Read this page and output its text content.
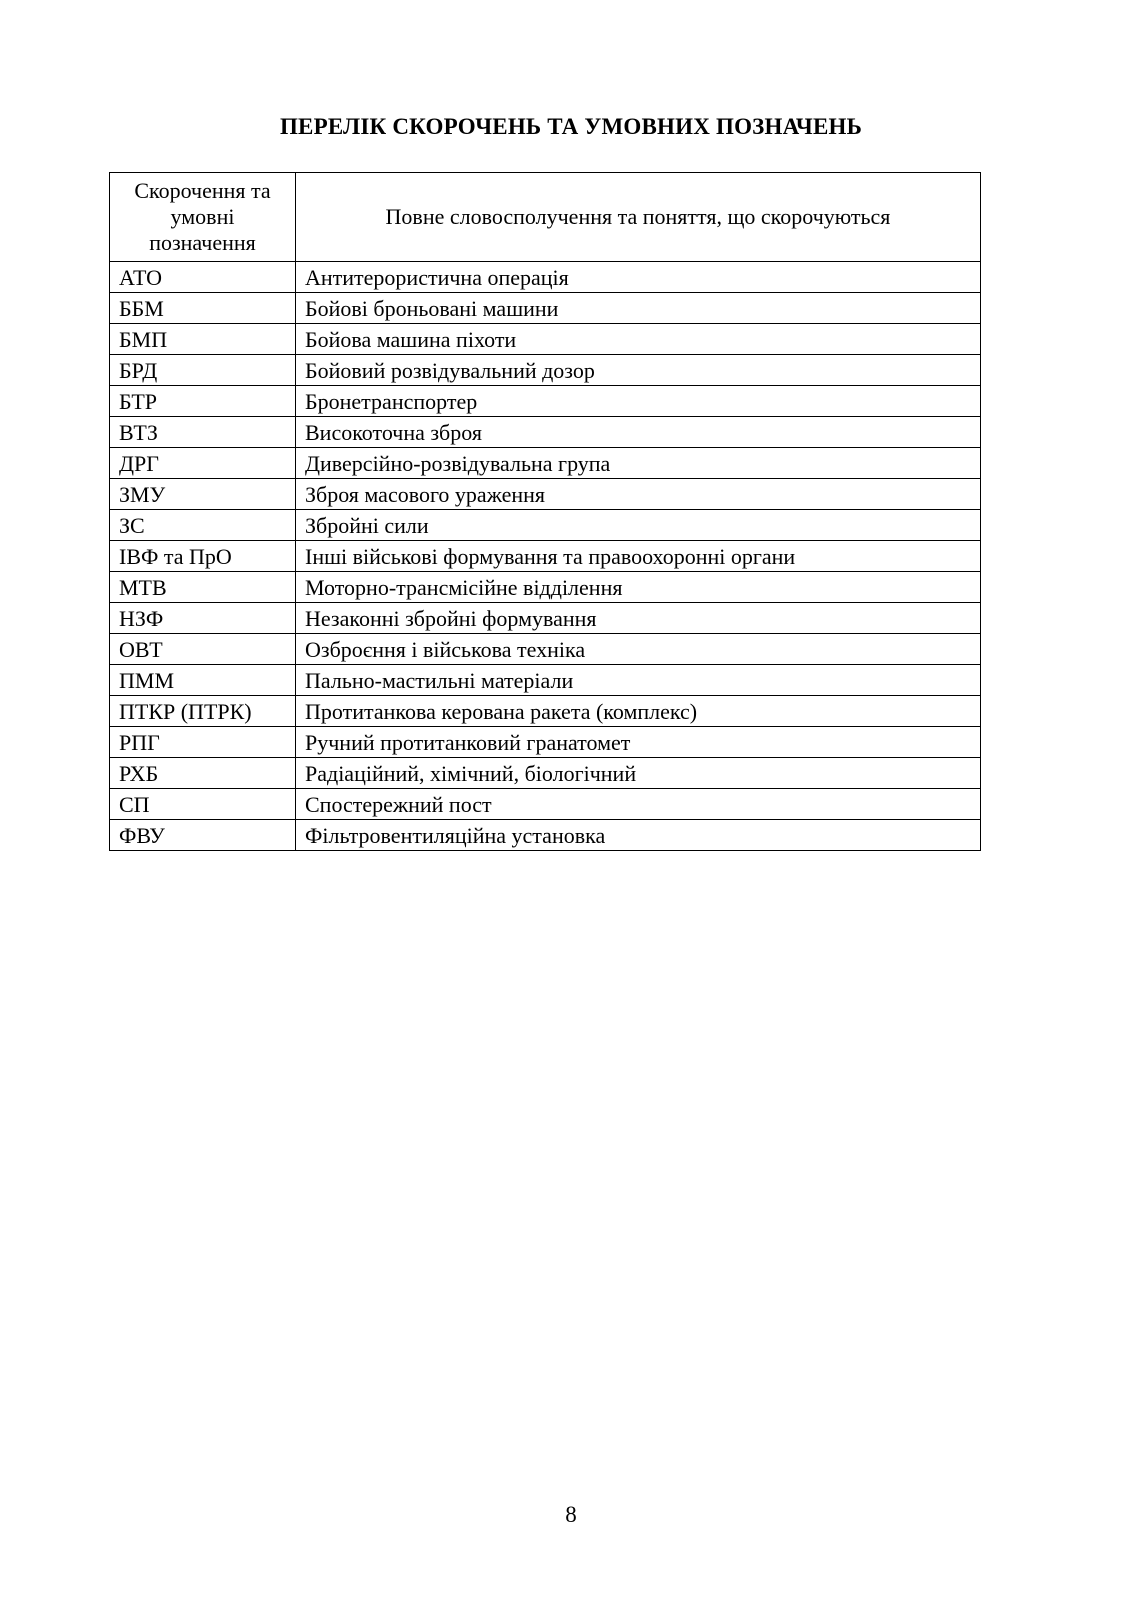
ПЕРЕЛІК СКОРОЧЕНЬ ТА УМОВНИХ ПОЗНАЧЕНЬ
Скорочення та умовні позначення	Повне словосполучення та поняття, що скорочуються
АТО	Антитерористична операція
ББМ	Бойові броньовані машини
БМП	Бойова машина піхоти
БРД	Бойовий розвідувальний дозор
БТР	Бронетранспортер
ВТЗ	Високоточна зброя
ДРГ	Диверсійно-розвідувальна група
ЗМУ	Зброя масового ураження
ЗС	Збройні сили
ІВФ та ПрО	Інші військові формування та правоохоронні органи
МТВ	Моторно-трансмісійне відділення
НЗФ	Незаконні збройні формування
ОВТ	Озброєння і військова техніка
ПММ	Пально-мастильні матеріали
ПТКР (ПТРК)	Протитанкова керована ракета (комплекс)
РПГ	Ручний протитанковий гранатомет
РХБ	Радіаційний, хімічний, біологічний
СП	Спостережний пост
ФВУ	Фільтровентиляційна установка
8
